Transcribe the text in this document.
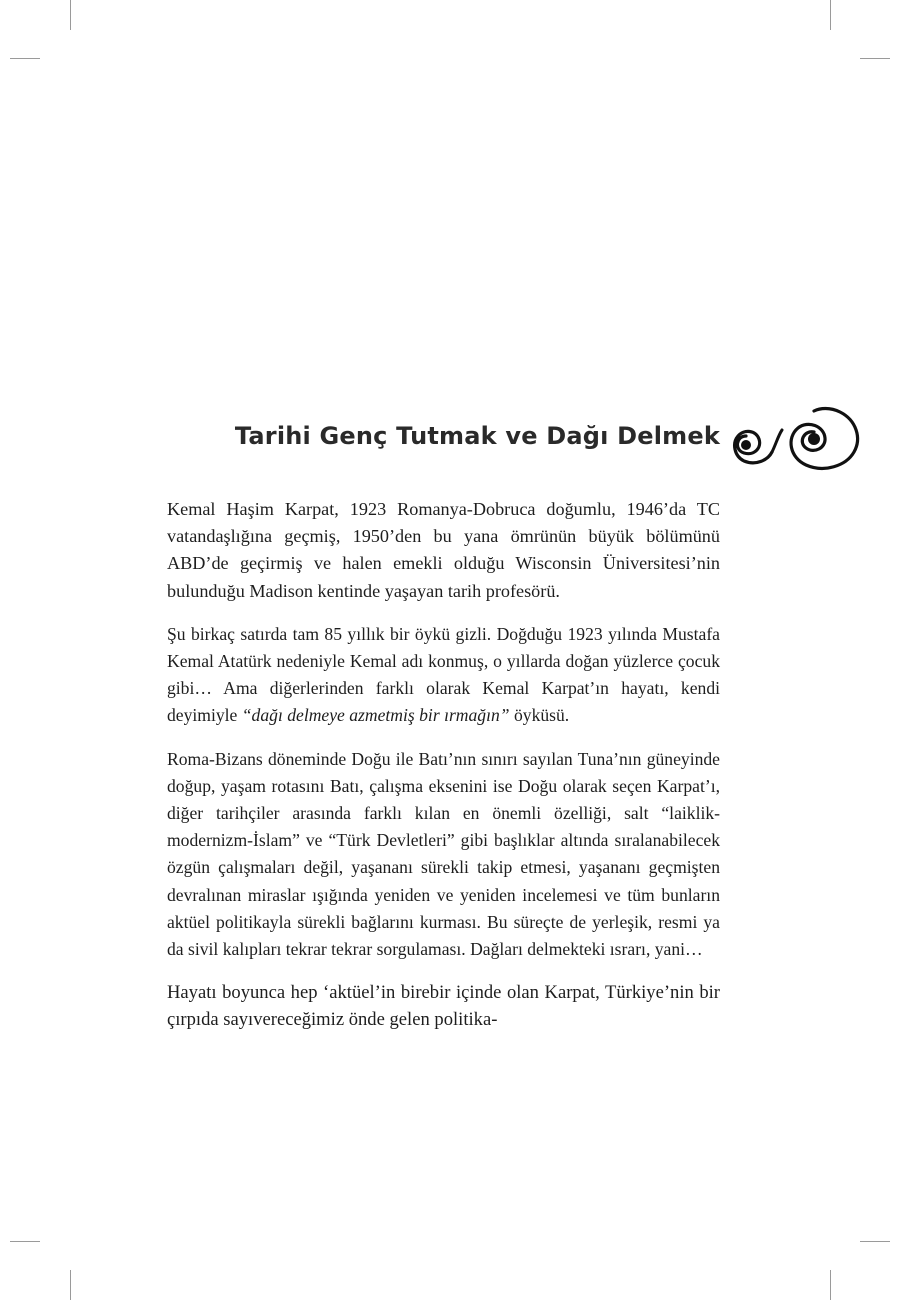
Tarihi Genç Tutmak ve Dağı Delmek

Kemal Haşim Karpat, 1923 Romanya-Dobruca doğumlu, 1946’da TC vatandaşlığına geçmiş, 1950’den bu yana ömrünün büyük bölümünü ABD’de geçirmiş ve halen emekli olduğu Wisconsin Üniversitesi’nin bulunduğu Madison kentinde yaşayan tarih profesörü.

Şu birkaç satırda tam 85 yıllık bir öykü gizli. Doğduğu 1923 yılında Mustafa Kemal Atatürk nedeniyle Kemal adı konmuş, o yıllarda doğan yüzlerce çocuk gibi… Ama diğerlerinden farklı olarak Kemal Karpat’ın hayatı, kendi deyimiyle “dağı delmeye azmetmiş bir ırmağın” öyküsü.

Roma-Bizans döneminde Doğu ile Batı’nın sınırı sayılan Tuna’nın güneyinde doğup, yaşam rotasını Batı, çalışma eksenini ise Doğu olarak seçen Karpat’ı, diğer tarihçiler arasında farklı kılan en önemli özelliği, salt “laiklik-modernizm-İslam” ve “Türk Devletleri” gibi başlıklar altında sıralanabilecek özgün çalışmaları değil, yaşananı sürekli takip etmesi, yaşananı geçmişten devralınan miraslar ışığında yeniden ve yeniden incelemesi ve tüm bunların aktüel politikayla sürekli bağlarını kurması. Bu süreçte de yerleşik, resmi ya da sivil kalıpları tekrar tekrar sorgulaması. Dağları delmekteki ısrarı, yani…

Hayatı boyunca hep ‘aktüel’in birebir içinde olan Karpat, Türkiye’nin bir çırpıda sayıvereceğimiz önde gelen politika-
